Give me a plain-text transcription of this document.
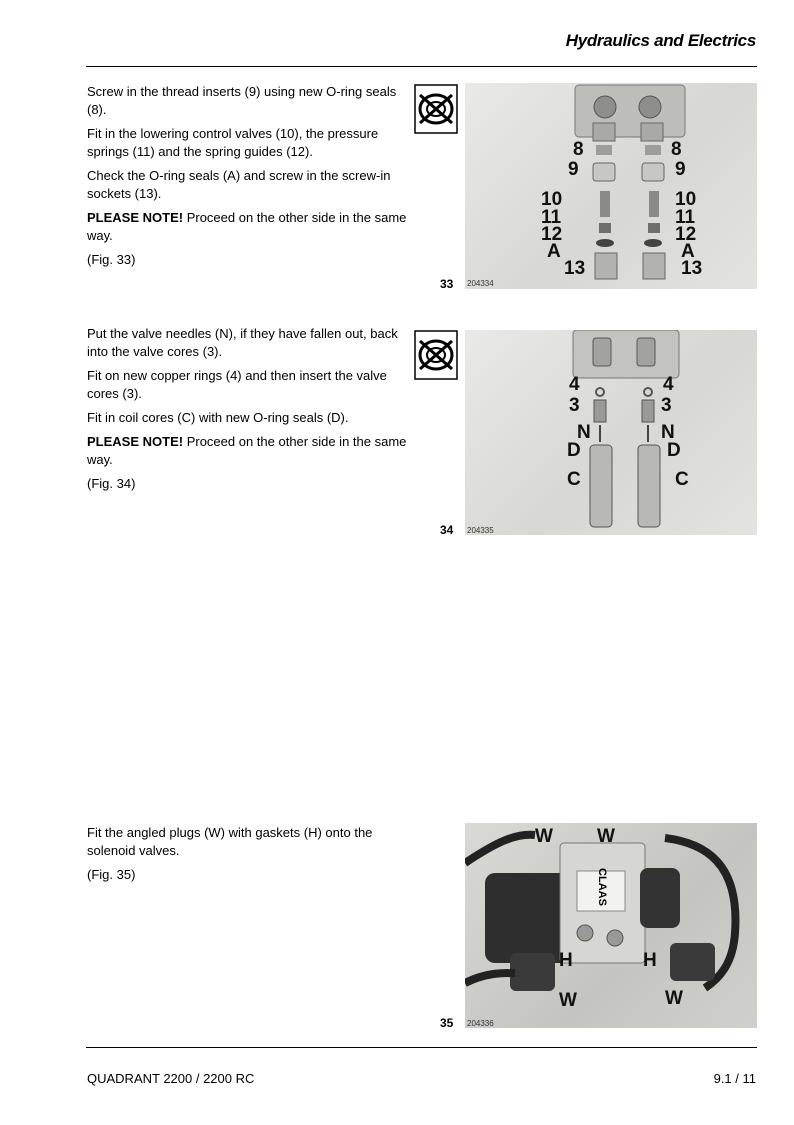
Hydraulics and Electrics

Screw in the thread inserts (9) using new O-ring seals (8).

Fit in the lowering control valves (10), the pressure springs (11) and the spring guides (12).

Check the O-ring seals (A) and screw in the screw-in sockets (13).

PLEASE NOTE! Proceed on the other side in the same way.

(Fig. 33)

8
9
10
11
12
A
13
8
9
10
11
12
A
13
33 204334

Put the valve needles (N), if they have fallen out, back into the valve cores (3).

Fit on new copper rings (4) and then insert the valve cores (3).

Fit in coil cores (C) with new O-ring seals (D).

PLEASE NOTE! Proceed on the other side in the same way.

(Fig. 34)

4
3
N
D
C
4
3
N
D
C
34 204335

Fit the angled plugs (W) with gaskets (H) onto the solenoid valves.

(Fig. 35)	CLAAS
W W
H	H
W	W
35 204336
QUADRANT 2200 / 2200 RC	9.1 / 11
